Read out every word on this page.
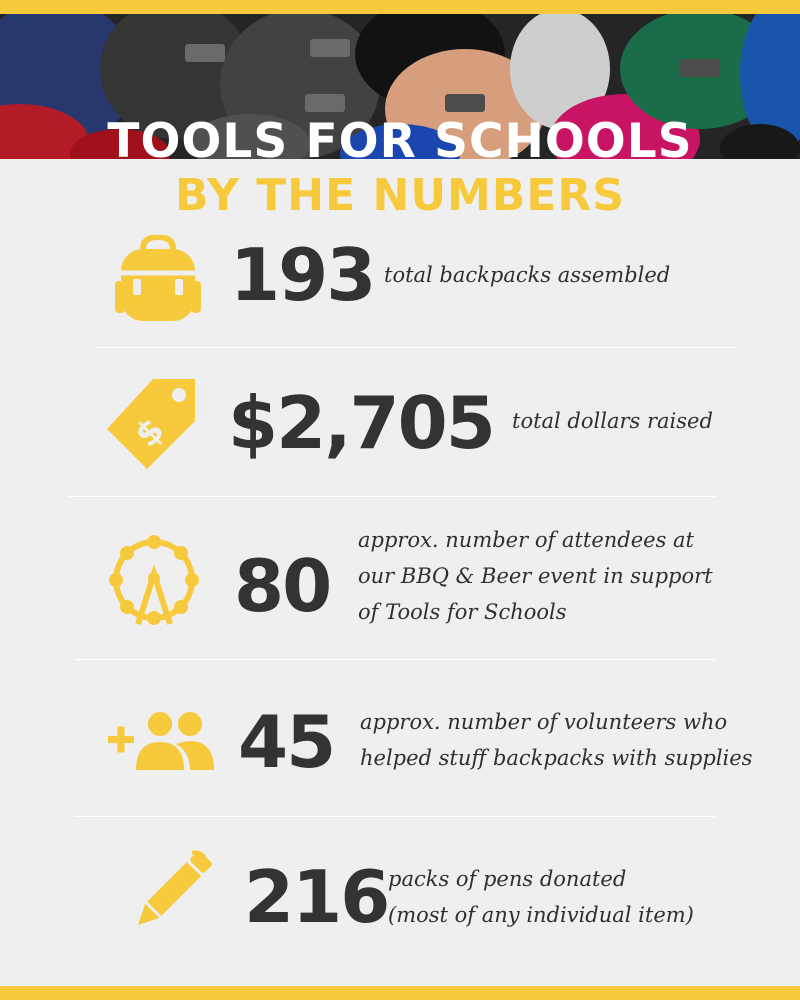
TOOLS FOR SCHOOLS
BY THE NUMBERS
193 total backpacks assembled
$ $2,705 total dollars raised
80
approx. number of attendees at
our BBQ & Beer event in support
of Tools for Schools
45 approx. number of volunteers who
helped stuff backpacks with supplies
216 packs of pens donated
(most of any individual item)
